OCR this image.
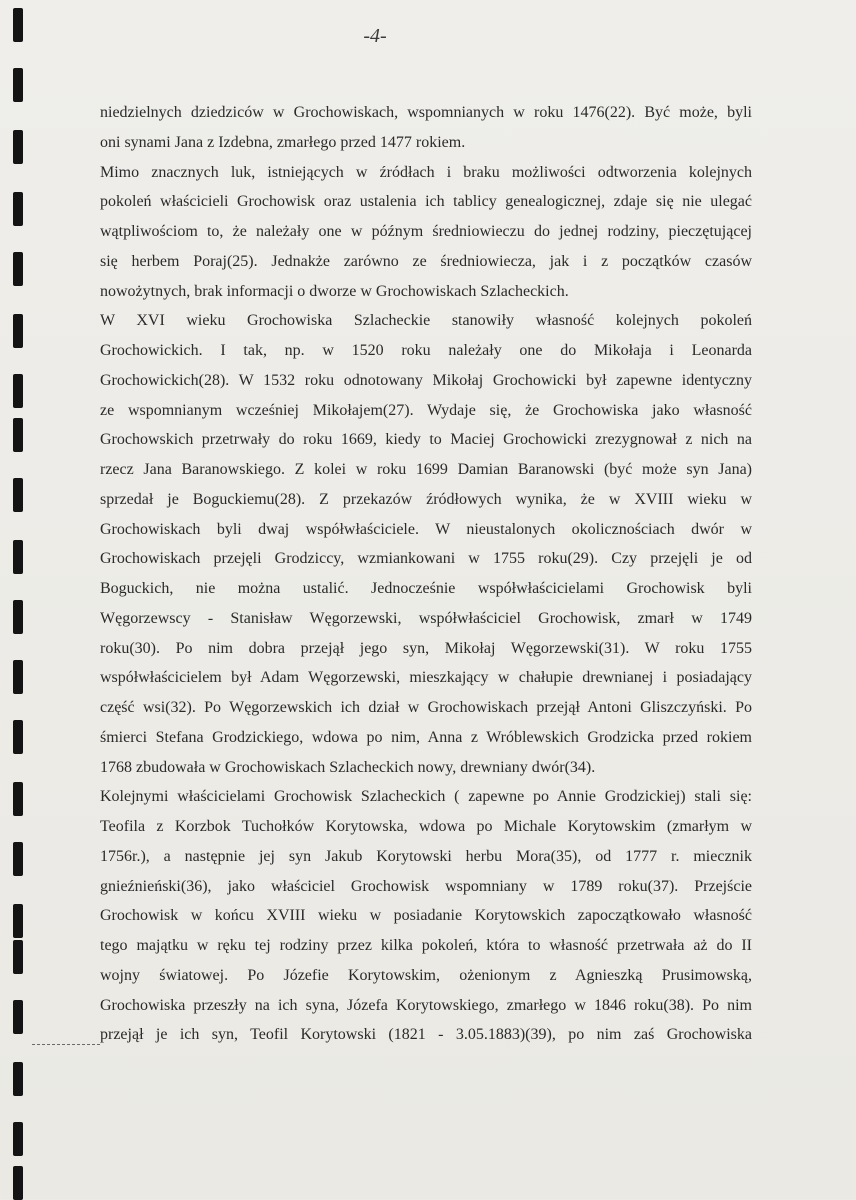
-4-
niedzielnych dziedziców w Grochowiskach, wspomnianych w roku 1476(22). Być może, byli
oni synami Jana z Izdebna, zmarłego przed 1477 rokiem.
Mimo znacznych luk, istniejących w źródłach i braku możliwości odtworzenia kolejnych
pokoleń właścicieli Grochowisk oraz ustalenia ich tablicy genealogicznej, zdaje się nie ulegać
wątpliwościom to, że należały one w późnym średniowieczu do jednej rodziny, pieczętującej
się herbem Poraj(25). Jednakże zarówno ze średniowiecza, jak i z początków czasów
nowożytnych, brak informacji o dworze w Grochowiskach Szlacheckich.
W XVI wieku Grochowiska Szlacheckie stanowiły własność kolejnych pokoleń
Grochowickich. I tak, np. w 1520 roku należały one do Mikołaja i Leonarda
Grochowickich(28). W 1532 roku odnotowany Mikołaj Grochowicki był zapewne identyczny
ze wspomnianym wcześniej Mikołajem(27). Wydaje się, że Grochowiska jako własność
Grochowskich przetrwały do roku 1669, kiedy to Maciej Grochowicki zrezygnował z nich na
rzecz Jana Baranowskiego. Z kolei w roku 1699 Damian Baranowski (być może syn Jana)
sprzedał je Boguckiemu(28). Z przekazów źródłowych wynika, że w XVIII wieku w
Grochowiskach byli dwaj współwłaściciele. W nieustalonych okolicznościach dwór w
Grochowiskach przejęli Grodziccy, wzmiankowani w 1755 roku(29). Czy przejęli je od
Boguckich, nie można ustalić. Jednocześnie współwłaścicielami Grochowisk byli
Węgorzewscy - Stanisław Węgorzewski, współwłaściciel Grochowisk, zmarł w 1749
roku(30). Po nim dobra przejął jego syn, Mikołaj Węgorzewski(31). W roku 1755
współwłaścicielem był Adam Węgorzewski, mieszkający w chałupie drewnianej i posiadający
część wsi(32). Po Węgorzewskich ich dział w Grochowiskach przejął Antoni Gliszczyński. Po
śmierci Stefana Grodzickiego, wdowa po nim, Anna z Wróblewskich Grodzicka przed rokiem
1768 zbudowała w Grochowiskach Szlacheckich nowy, drewniany dwór(34).
Kolejnymi właścicielami Grochowisk Szlacheckich ( zapewne po Annie Grodzickiej) stali się:
Teofila z Korzbok Tuchołków Korytowska, wdowa po Michale Korytowskim (zmarłym w
1756r.), a następnie jej syn Jakub Korytowski herbu Mora(35), od 1777 r. miecznik
gnieźnieński(36), jako właściciel Grochowisk wspomniany w 1789 roku(37). Przejście
Grochowisk w końcu XVIII wieku w posiadanie Korytowskich zapoczątkowało własność
tego majątku w ręku tej rodziny przez kilka pokoleń, która to własność przetrwała aż do II
wojny światowej. Po Józefie Korytowskim, ożenionym z Agnieszką Prusimowską,
Grochowiska przeszły na ich syna, Józefa Korytowskiego, zmarłego w 1846 roku(38). Po nim
przejął je ich syn, Teofil Korytowski (1821 - 3.05.1883)(39), po nim zaś Grochowiska
